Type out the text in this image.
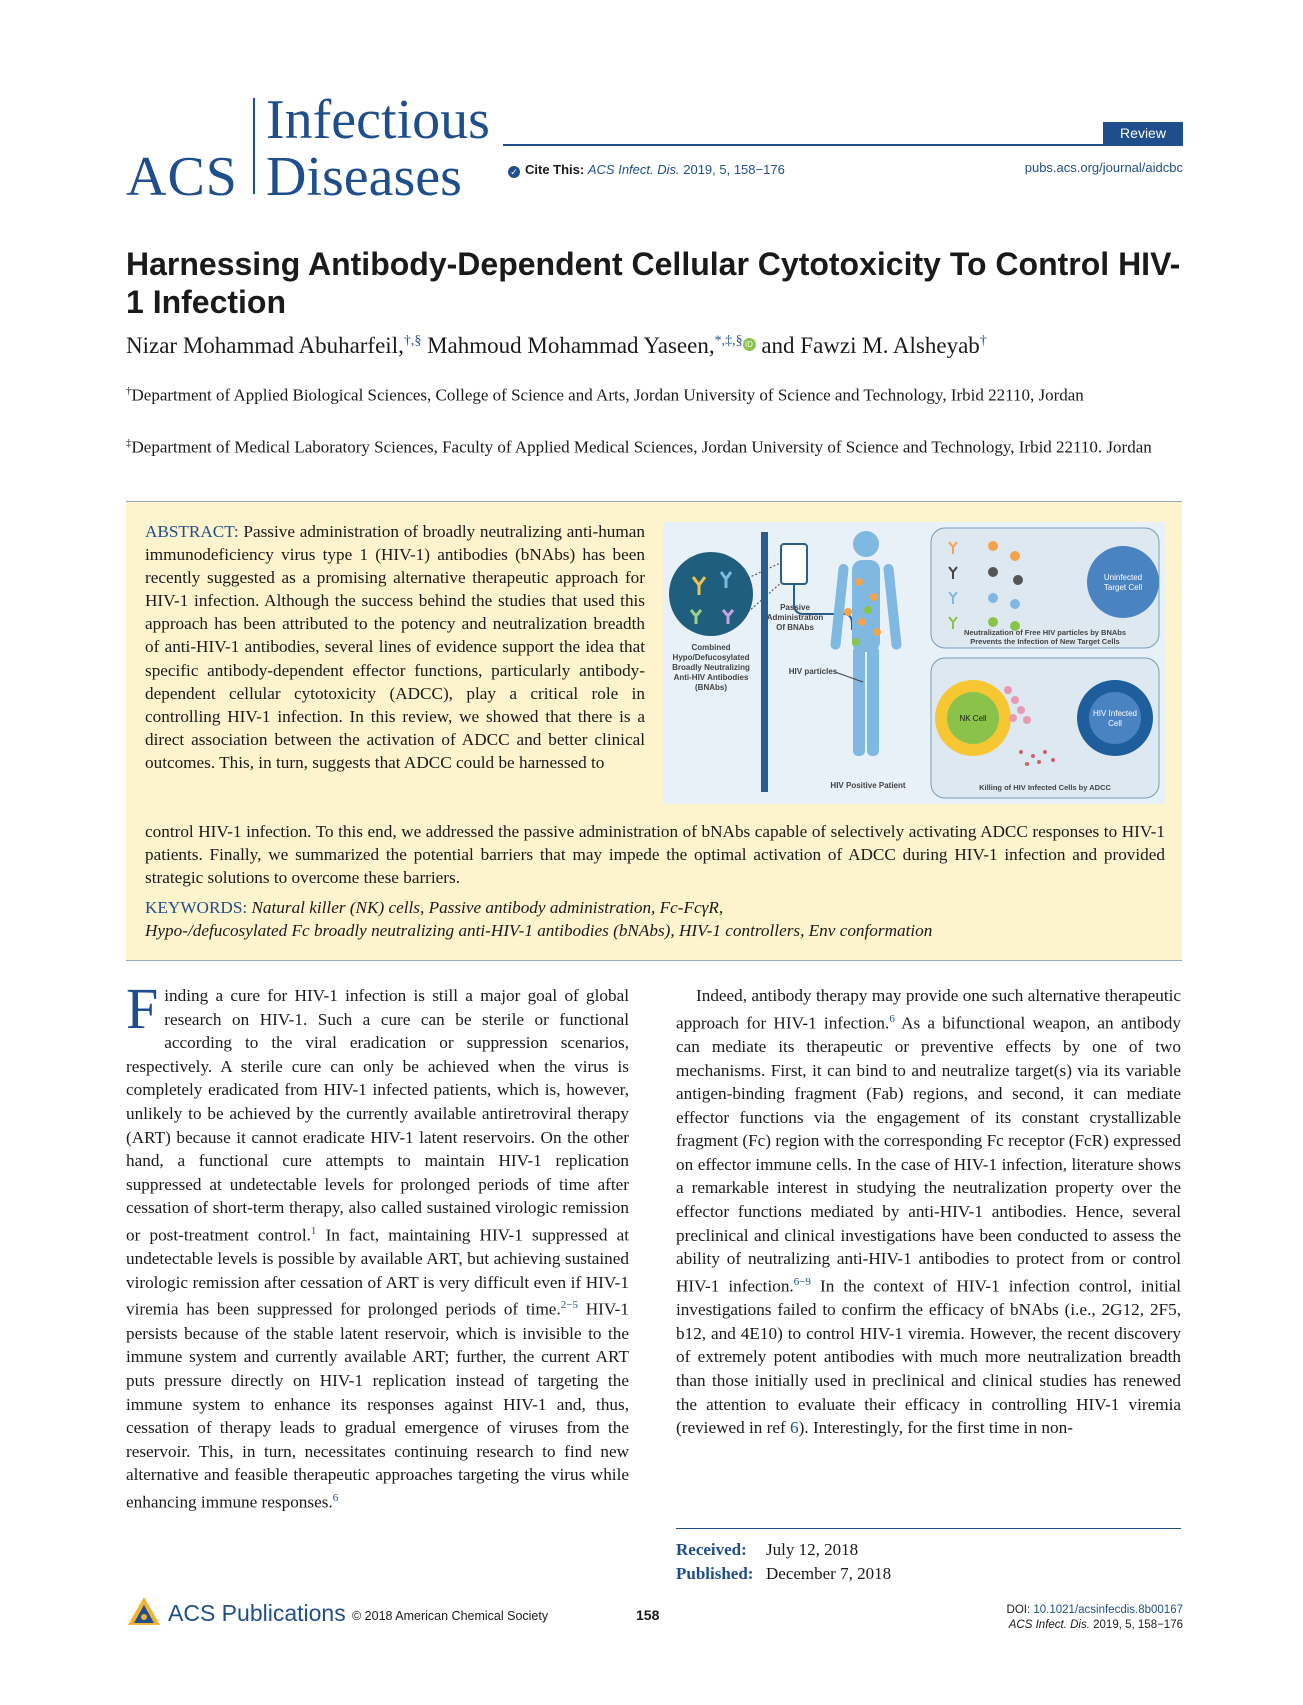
ACS
Infectious
Diseases
Review
✓ Cite This: ACS Infect. Dis. 2019, 5, 158−176	pubs.acs.org/journal/aidcbc
Harnessing Antibody-Dependent Cellular Cytotoxicity To Control HIV-1 Infection
Nizar Mohammad Abuharfeil,†,§ Mahmoud Mohammad Yaseen,*,‡,§ iD and Fawzi M. Alsheyab†
†Department of Applied Biological Sciences, College of Science and Arts, Jordan University of Science and Technology, Irbid 22110, Jordan
‡Department of Medical Laboratory Sciences, Faculty of Applied Medical Sciences, Jordan University of Science and Technology, Irbid 22110. Jordan
ABSTRACT: Passive administration of broadly neutralizing anti-human immunodeficiency virus type 1 (HIV-1) antibodies (bNAbs) has been recently suggested as a promising alternative therapeutic approach for HIV-1 infection. Although the success behind the studies that used this approach has been attributed to the potency and neutralization breadth of anti-HIV-1 antibodies, several lines of evidence support the idea that specific antibody-dependent effector functions, particularly antibody-dependent cellular cytotoxicity (ADCC), play a critical role in controlling HIV-1 infection. In this review, we showed that there is a direct association between the activation of ADCC and better clinical outcomes. This, in turn, suggests that ADCC could be harnessed to
control HIV-1 infection. To this end, we addressed the passive administration of bNAbs capable of selectively activating ADCC responses to HIV-1 patients. Finally, we summarized the potential barriers that may impede the optimal activation of ADCC during HIV-1 infection and provided strategic solutions to overcome these barriers.
KEYWORDS: Natural killer (NK) cells, Passive antibody administration, Fc-FcγR,
Hypo-/defucosylated Fc broadly neutralizing anti-HIV-1 antibodies (bNAbs), HIV-1 controllers, Env conformation
Combined
Hypo/Defucosylated
Broadly Neutralizing
Anti-HIV Antibodies
(BNAbs)
Passive
Administration
Of BNAbs
HIV particles
HIV Positive Patient
Uninfected
Target Cell
Neutralization of Free HIV particles by BNAbs
Prevents the Infection of New Target Cells
NK Cell
HIV Infected
Cell
Killing of HIV Infected Cells by ADCC
Finding a cure for HIV-1 infection is still a major goal of global research on HIV-1. Such a cure can be sterile or functional according to the viral eradication or suppression scenarios, respectively. A sterile cure can only be achieved when the virus is completely eradicated from HIV-1 infected patients, which is, however, unlikely to be achieved by the currently available antiretroviral therapy (ART) because it cannot eradicate HIV-1 latent reservoirs. On the other hand, a functional cure attempts to maintain HIV-1 replication suppressed at undetectable levels for prolonged periods of time after cessation of short-term therapy, also called sustained virologic remission or post-treatment control.$^1$ In fact, maintaining HIV-1 suppressed at undetectable levels is possible by available ART, but achieving sustained virologic remission after cessation of ART is very difficult even if HIV-1 viremia has been suppressed for prolonged periods of time.$^{2-5}$ HIV-1 persists because of the stable latent reservoir, which is invisible to the immune system and currently available ART; further, the current ART puts pressure directly on HIV-1 replication instead of targeting the immune system to enhance its responses against HIV-1 and, thus, cessation of therapy leads to gradual emergence of viruses from the reservoir. This, in turn, necessitates continuing research to find new alternative and feasible therapeutic approaches targeting the virus while enhancing immune responses.$^6$
Indeed, antibody therapy may provide one such alternative therapeutic approach for HIV-1 infection.$^6$ As a bifunctional weapon, an antibody can mediate its therapeutic or preventive effects by one of two mechanisms. First, it can bind to and neutralize target(s) via its variable antigen-binding fragment (Fab) regions, and second, it can mediate effector functions via the engagement of its constant crystallizable fragment (Fc) region with the corresponding Fc receptor (FcR) expressed on effector immune cells. In the case of HIV-1 infection, literature shows a remarkable interest in studying the neutralization property over the effector functions mediated by anti-HIV-1 antibodies. Hence, several preclinical and clinical investigations have been conducted to assess the ability of neutralizing anti-HIV-1 antibodies to protect from or control HIV-1 infection.$^{6-9}$ In the context of HIV-1 infection control, initial investigations failed to confirm the efficacy of bNAbs (i.e., 2G12, 2F5, b12, and 4E10) to control HIV-1 viremia. However, the recent discovery of extremely potent antibodies with much more neutralization breadth than those initially used in preclinical and clinical studies has renewed the attention to evaluate their efficacy in controlling HIV-1 viremia (reviewed in ref 6). Interestingly, for the first time in non-
Received: July 12, 2018
Published: December 7, 2018
ACS Publications © 2018 American Chemical Society	158	DOI: 10.1021/acsinfecdis.8b00167
ACS Infect. Dis. 2019, 5, 158−176
